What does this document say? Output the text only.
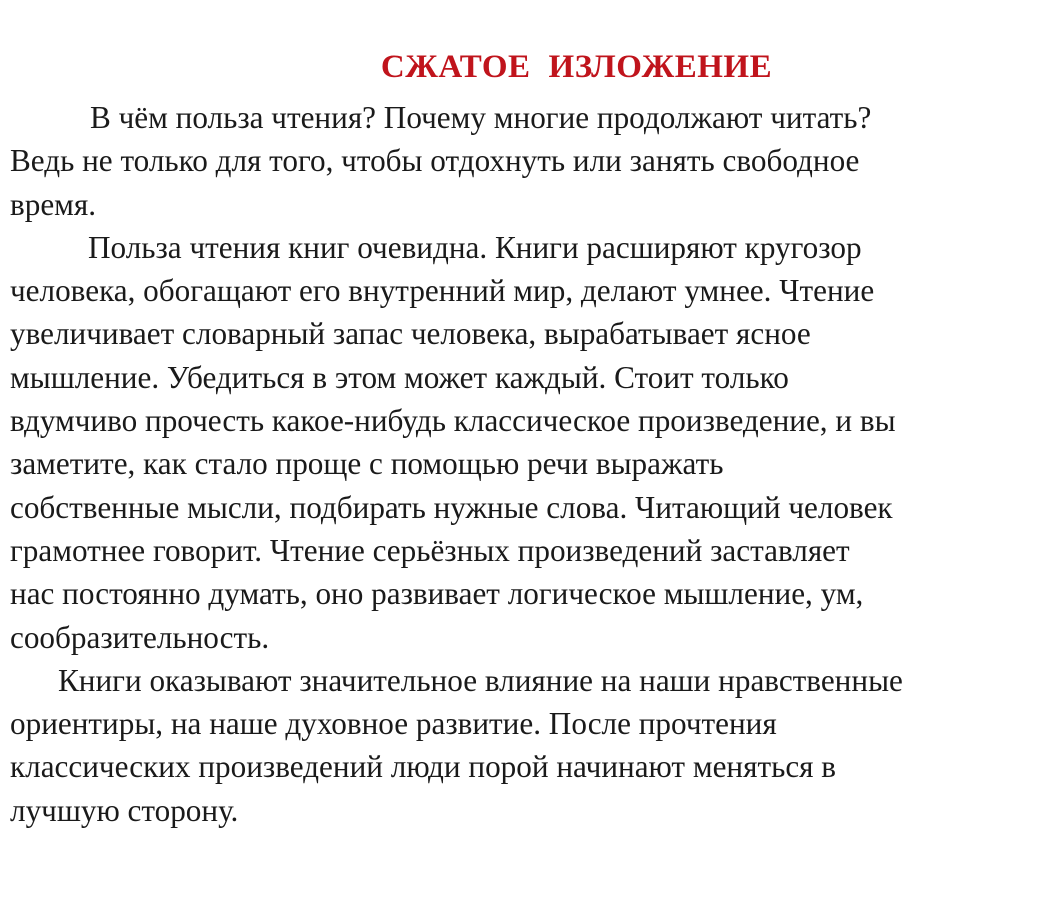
СЖАТОЕ ИЗЛОЖЕНИЕ

В чём польза чтения? Почему многие продолжают читать?
Ведь не только для того, чтобы отдохнуть или занять свободное
время.

Польза чтения книг очевидна. Книги расширяют кругозор
человека, обогащают его внутренний мир, делают умнее. Чтение
увеличивает словарный запас человека, вырабатывает ясное
мышление. Убедиться в этом может каждый. Стоит только
вдумчиво прочесть какое-нибудь классическое произведение, и вы
заметите, как стало проще с помощью речи выражать
собственные мысли, подбирать нужные слова. Читающий человек
грамотнее говорит. Чтение серьёзных произведений заставляет
нас постоянно думать, оно развивает логическое мышление, ум,
сообразительность.

Книги оказывают значительное влияние на наши нравственные
ориентиры, на наше духовное развитие. После прочтения
классических произведений люди порой начинают меняться в
лучшую сторону.
